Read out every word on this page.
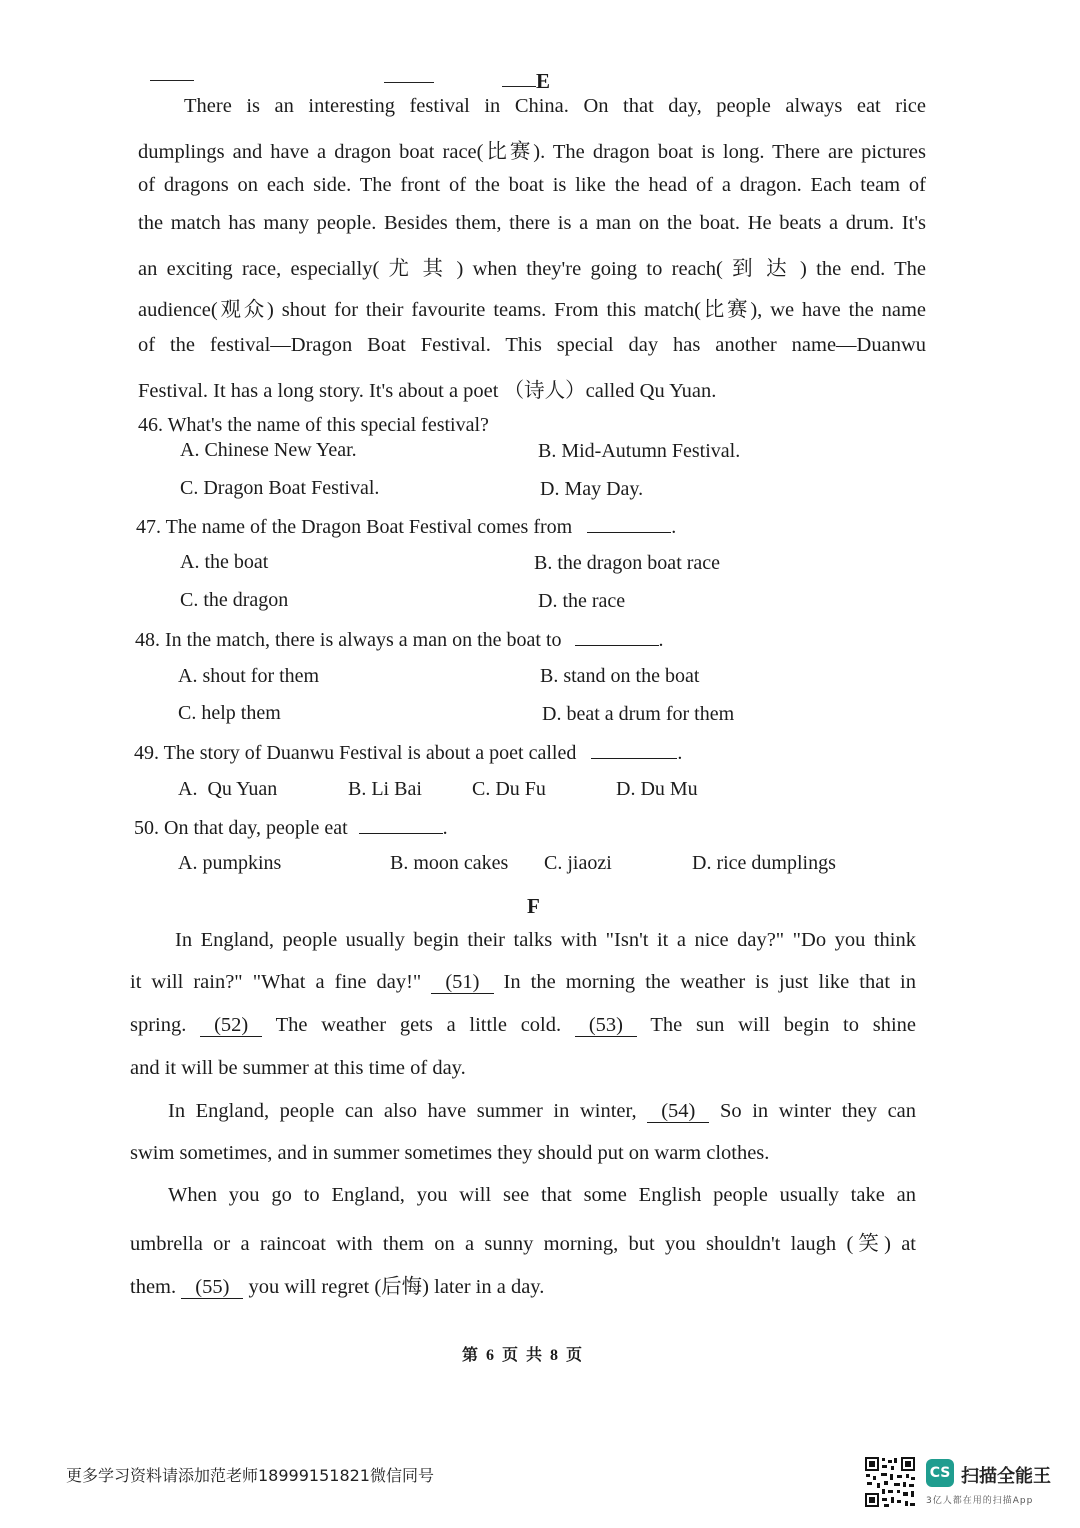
E
There is an interesting festival in China. On that day, people always eat rice
dumplings and have a dragon boat race(比赛). The dragon boat is long. There are pictures
of dragons on each side. The front of the boat is like the head of a dragon. Each team of
the match has many people. Besides them, there is a man on the boat. He beats a drum. It's
an exciting race, especially( 尤 其 ) when they're going to reach( 到 达 ) the end. The
audience(观众) shout for their favourite teams. From this match(比赛), we have the name
of the festival—Dragon Boat Festival. This special day has another name—Duanwu
Festival. It has a long story. It's about a poet （诗人）called Qu Yuan.
46. What's the name of this special festival?
A. Chinese New Year.	B. Mid-Autumn Festival.
C. Dragon Boat Festival.	D. May Day.
47. The name of the Dragon Boat Festival comes from	.
A. the boat	B. the dragon boat race
C. the dragon	D. the race
48. In the match, there is always a man on the boat to	.
A. shout for them	B. stand on the boat
C. help them	D. beat a drum for them
49. The story of Duanwu Festival is about a poet called	.
A.  Qu Yuan	B. Li Bai	C. Du Fu	D. Du Mu
50. On that day, people eat	.
A. pumpkins	B. moon cakes C. jiaozi	D. rice dumplings
F
In England, people usually begin their talks with "Isn't it a nice day?" "Do you think
it will rain?" "What a fine day!" (51) In the morning the weather is just like that in
spring. (52) The weather gets a little cold. (53) The sun will begin to shine
and it will be summer at this time of day.
In England, people can also have summer in winter, (54) So in winter they can
swim sometimes, and in summer sometimes they should put on warm clothes.
When you go to England, you will see that some English people usually take an
umbrella or a raincoat with them on a sunny morning, but you shouldn't laugh (笑) at
them. (55) you will regret (后悔) later in a day.
第 6 页 共 8 页
更多学习资料请添加范老师18999151821微信同号	CS 扫描全能王
3亿人都在用的扫描App
